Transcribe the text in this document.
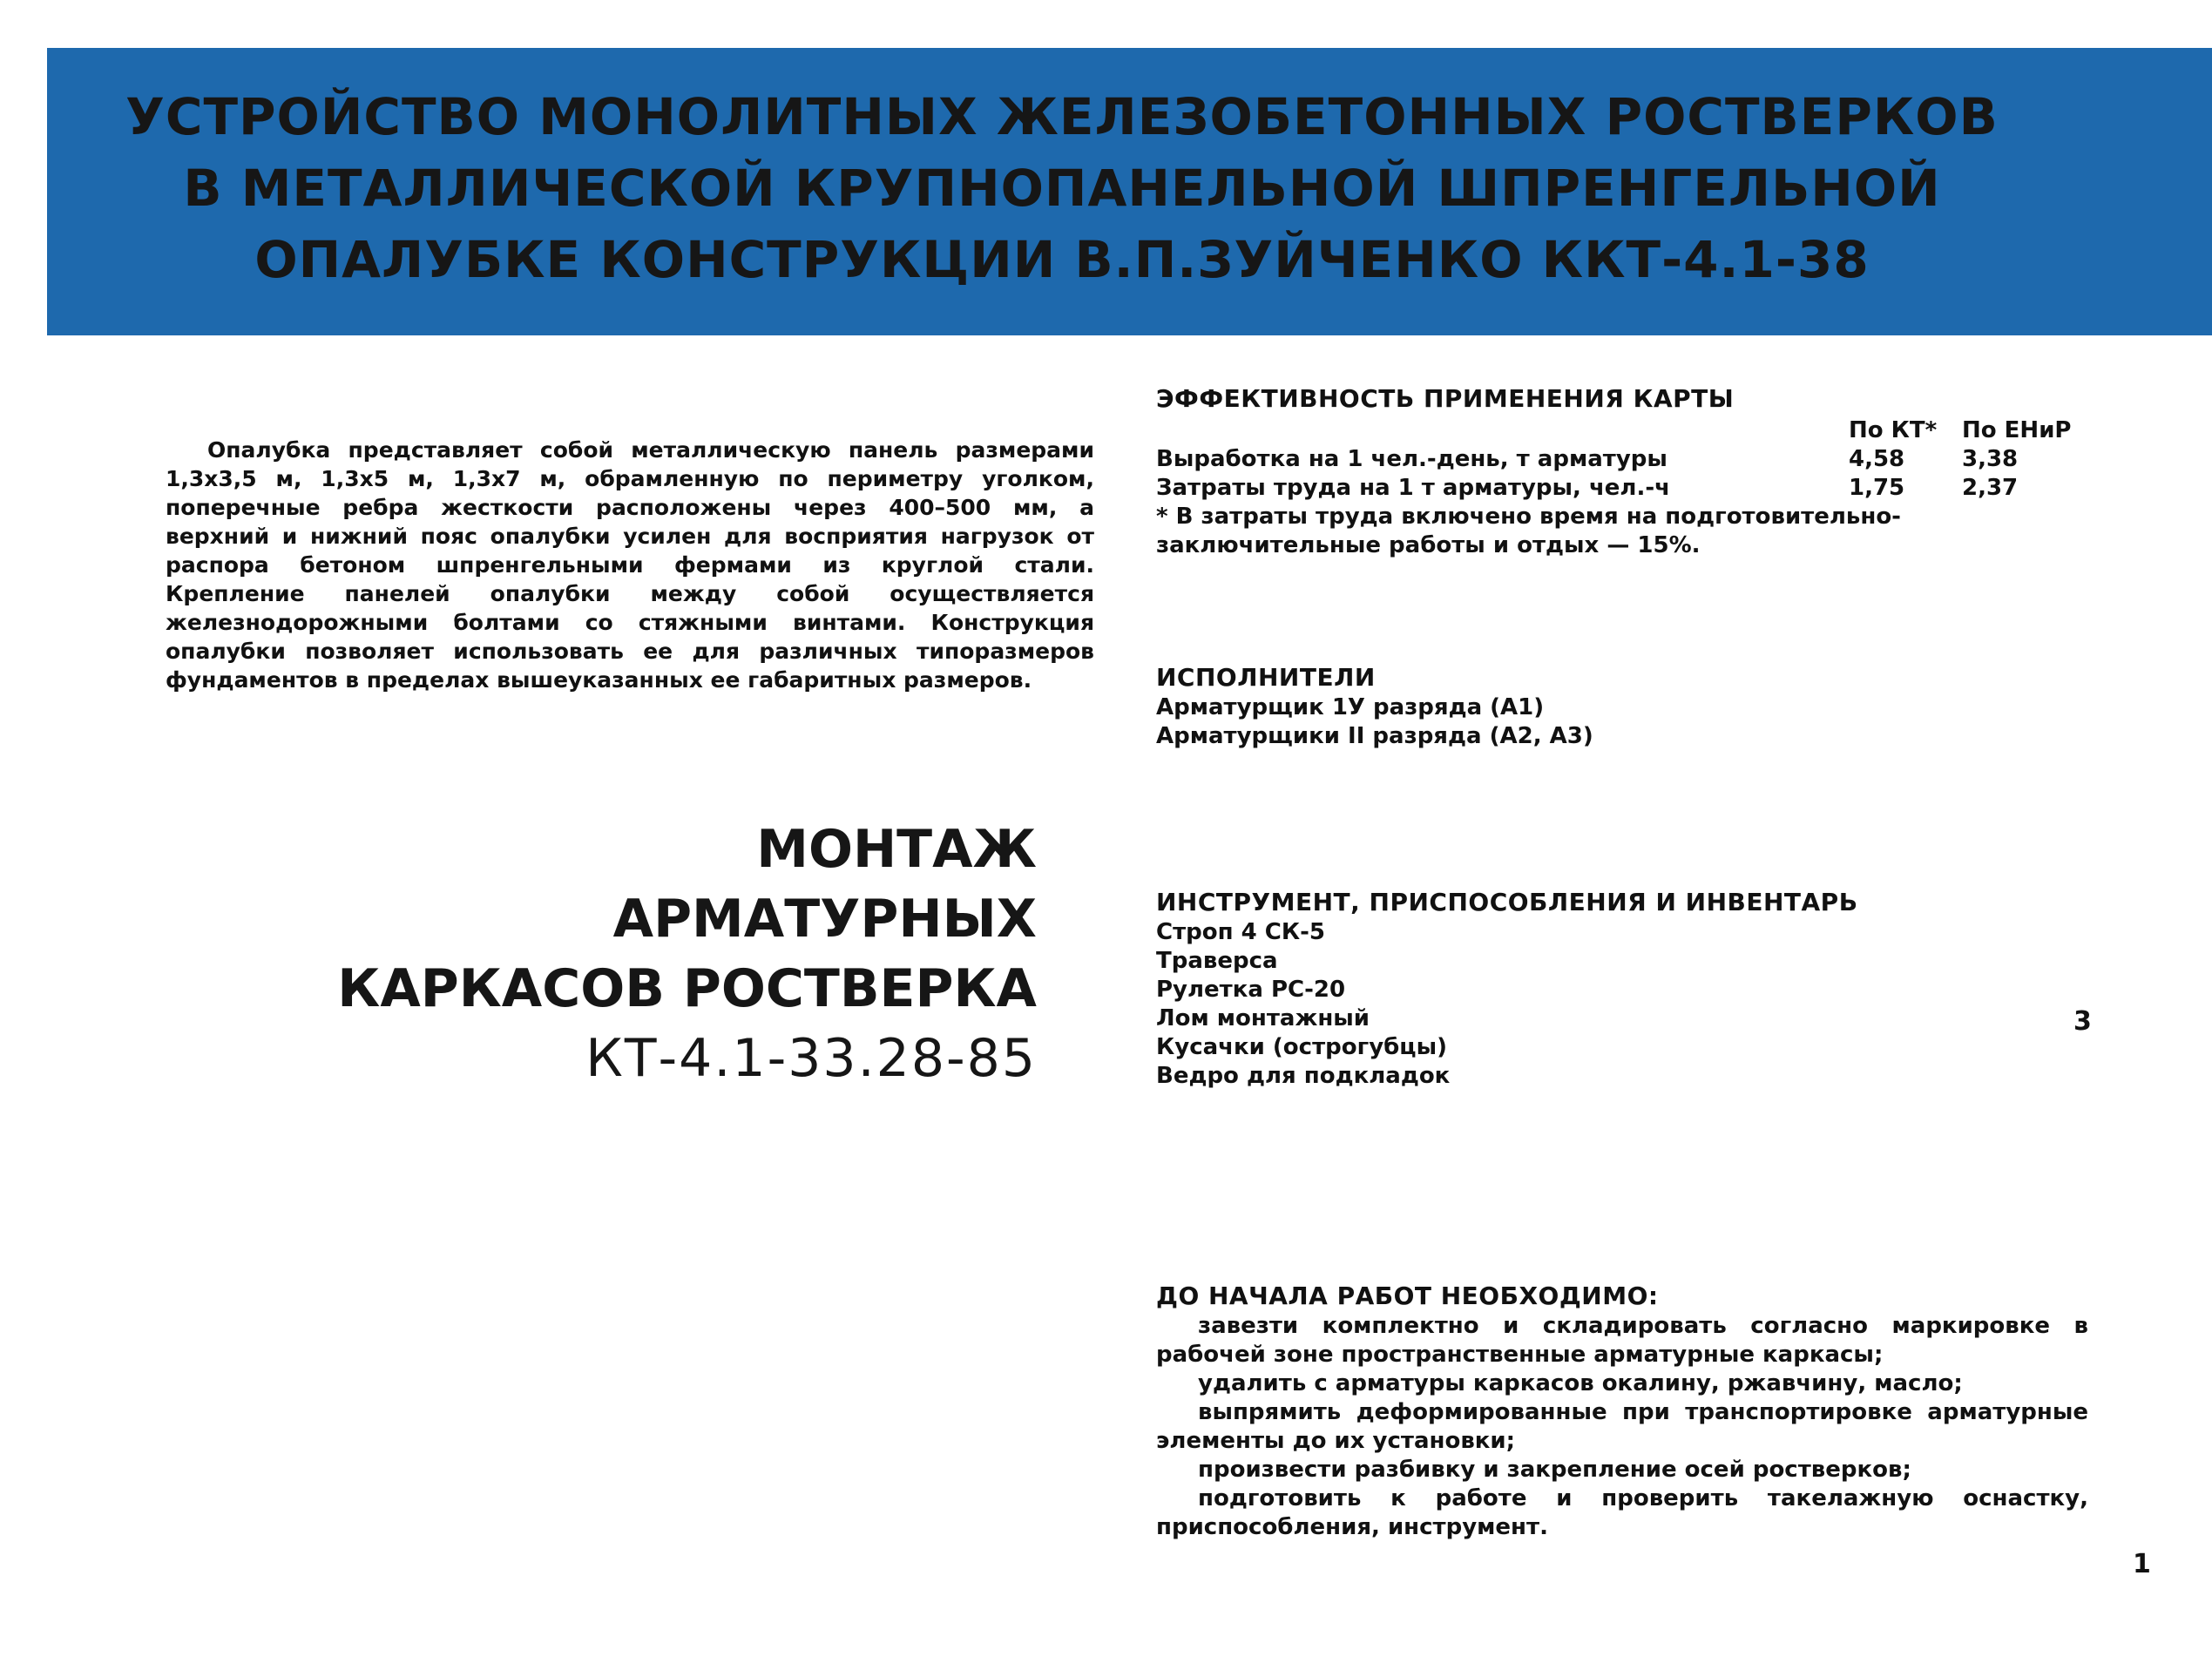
УСТРОЙСТВО МОНОЛИТНЫХ ЖЕЛЕЗОБЕТОННЫХ РОСТВЕРКОВ
В МЕТАЛЛИЧЕСКОЙ КРУПНОПАНЕЛЬНОЙ ШПРЕНГЕЛЬНОЙ
ОПАЛУБКЕ КОНСТРУКЦИИ В.П.ЗУЙЧЕНКО ККТ-4.1-38

Опалубка представляет собой металлическую панель размерами 1,3х3,5 м, 1,3х5 м, 1,3х7 м, обрамленную по периметру уголком, поперечные ребра жесткости расположены через 400–500 мм, а верхний и нижний пояс опалубки усилен для восприятия нагрузок от распора бетоном шпренгельными фермами из круглой стали. Крепление панелей опалубки между собой осуществляется железнодорожными болтами со стяжными винтами. Конструкция опалубки позволяет использовать ее для различных типоразмеров фундаментов в пределах вышеуказанных ее габаритных размеров.

МОНТАЖ АРМАТУРНЫХ
КАРКАСОВ РОСТВЕРКА
КТ-4.1-33.28-85
ЭФФЕКТИВНОСТЬ ПРИМЕНЕНИЯ КАРТЫ
	По КТ*	По ЕНиР
Выработка на 1 чел.-день, т арматуры	4,58	3,38
Затраты труда на 1 т арматуры, чел.-ч	1,75	2,37

* В затраты труда включено время на подготовительно-заключительные работы и отдых — 15%.

ИСПОЛНИТЕЛИ
Арматурщик 1У разряда (А1)
Арматурщики II разряда (А2, А3)
ИНСТРУМЕНТ, ПРИСПОСОБЛЕНИЯ И ИНВЕНТАРЬ
Строп 4 СК-5
Траверса
Рулетка РС-20
Лом монтажный
Кусачки (острогубцы)
Ведро для подкладок
ДО НАЧАЛА РАБОТ НЕОБХОДИМО:
завезти комплектно и складировать согласно маркировке в рабочей зоне пространственные арматурные каркасы;
удалить с арматуры каркасов окалину, ржавчину, масло;
выпрямить деформированные при транспортировке арматурные элементы до их установки;
произвести разбивку и закрепление осей ростверков;
подготовить к работе и проверить такелажную оснастку, приспособления, инструмент.
3
1
